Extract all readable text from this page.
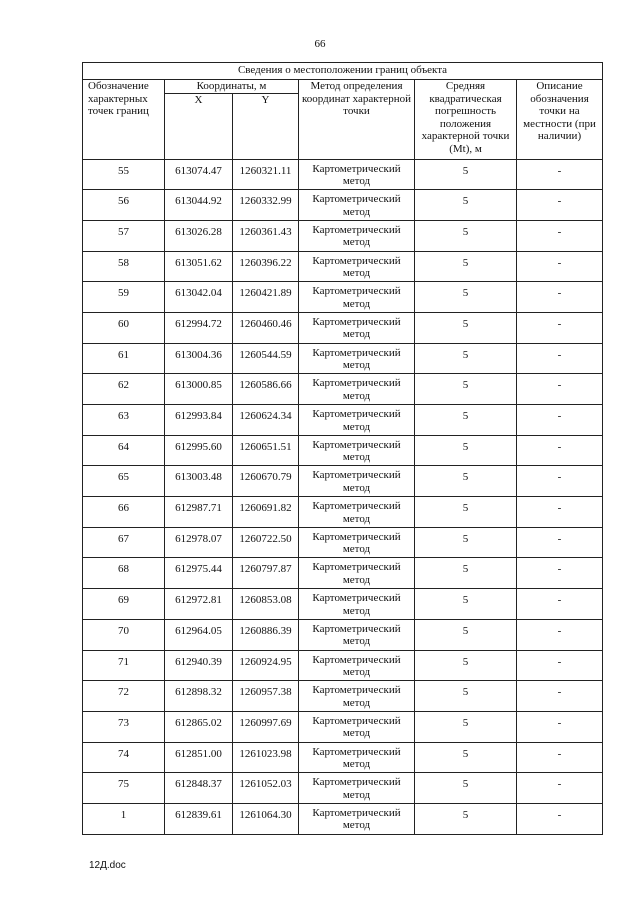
66
Сведения о местоположении границ объекта					
Обозначение характерных точек границ	Координаты, м		Метод определения координат характерной точки	Средняя квадратическая погрешность положения характерной точки (Mt), м	Описание обозначения точки на местности (при наличии)
	X	Y			
55	613074.47	1260321.11	Картометрический метод	5	-
56	613044.92	1260332.99	Картометрический метод	5	-
57	613026.28	1260361.43	Картометрический метод	5	-
58	613051.62	1260396.22	Картометрический метод	5	-
59	613042.04	1260421.89	Картометрический метод	5	-
60	612994.72	1260460.46	Картометрический метод	5	-
61	613004.36	1260544.59	Картометрический метод	5	-
62	613000.85	1260586.66	Картометрический метод	5	-
63	612993.84	1260624.34	Картометрический метод	5	-
64	612995.60	1260651.51	Картометрический метод	5	-
65	613003.48	1260670.79	Картометрический метод	5	-
66	612987.71	1260691.82	Картометрический метод	5	-
67	612978.07	1260722.50	Картометрический метод	5	-
68	612975.44	1260797.87	Картометрический метод	5	-
69	612972.81	1260853.08	Картометрический метод	5	-
70	612964.05	1260886.39	Картометрический метод	5	-
71	612940.39	1260924.95	Картометрический метод	5	-
72	612898.32	1260957.38	Картометрический метод	5	-
73	612865.02	1260997.69	Картометрический метод	5	-
74	612851.00	1261023.98	Картометрический метод	5	-
75	612848.37	1261052.03	Картометрический метод	5	-
1	612839.61	1261064.30	Картометрический метод	5	-
12Д.doc
